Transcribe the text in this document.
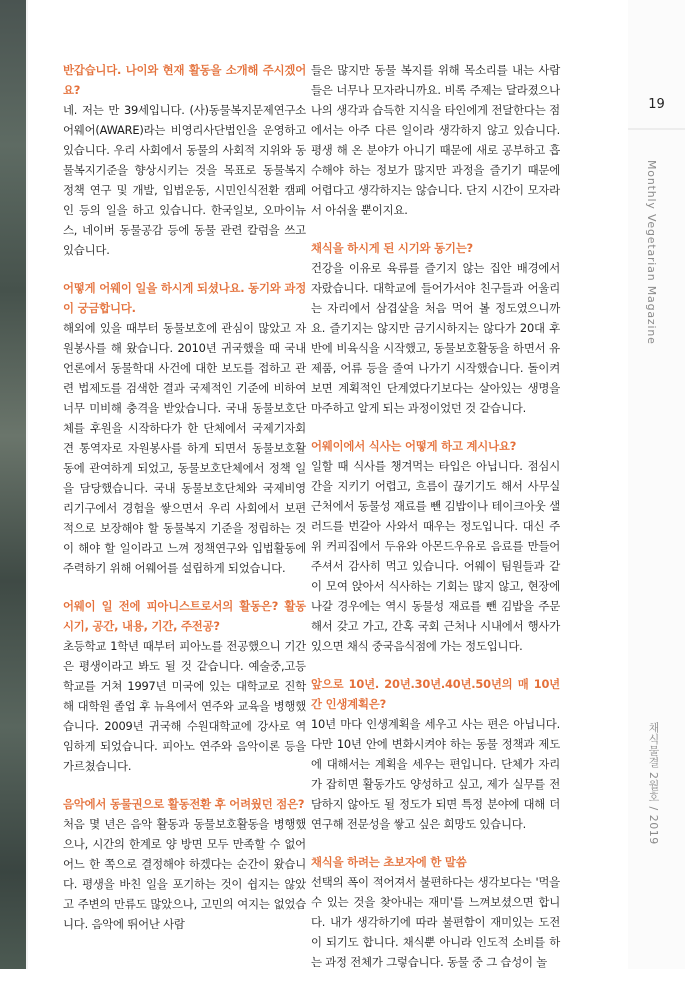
19
Monthly Vegetarian Magazine
채식물결 2월호 / 2019
반갑습니다. 나이와 현재 활동을 소개해 주시겠어요?

네. 저는 만 39세입니다. (사)동물복지문제연구소 어웨어(AWARE)라는 비영리사단법인을 운영하고 있습니다. 우리 사회에서 동물의 사회적 지위와 동물복지기준을 향상시키는 것을 목표로 동물복지 정책 연구 및 개발, 입법운동, 시민인식전환 캠페인 등의 일을 하고 있습니다. 한국일보, 오마이뉴스, 네이버 동물공감 등에 동물 관련 칼럼을 쓰고 있습니다.

어떻게 어웨이 일을 하시게 되셨나요. 동기와 과정이 궁금합니다.

해외에 있을 때부터 동물보호에 관심이 많았고 자원봉사를 해 왔습니다. 2010년 귀국했을 때 국내 언론에서 동물학대 사건에 대한 보도를 접하고 관련 법제도를 검색한 결과 국제적인 기준에 비하여 너무 미비해 충격을 받았습니다. 국내 동물보호단체를 후원을 시작하다가 한 단체에서 국제기자회견 통역자로 자원봉사를 하게 되면서 동물보호활동에 관여하게 되었고, 동물보호단체에서 정책 일을 담당했습니다. 국내 동물보호단체와 국제비영리기구에서 경험을 쌓으면서 우리 사회에서 보편적으로 보장해야 할 동물복지 기준을 정립하는 것이 해야 할 일이라고 느껴 정책연구와 입법활동에 주력하기 위해 어웨어를 설립하게 되었습니다.

어웨이 일 전에 피아니스트로서의 활동은? 활동 시기, 공간, 내용, 기간, 주전공?

초등학교 1학년 때부터 피아노를 전공했으니 기간은 평생이라고 봐도 될 것 같습니다. 예술중,고등학교를 거쳐 1997년 미국에 있는 대학교로 진학해 대학원 졸업 후 뉴욕에서 연주와 교육을 병행했습니다. 2009년 귀국해 수원대학교에 강사로 역임하게 되었습니다. 피아노 연주와 음악이론 등을 가르쳤습니다.

음악에서 동물권으로 활동전환 후 어려웠던 점은?

처음 몇 년은 음악 활동과 동물보호활동을 병행했으나, 시간의 한계로 양 방면 모두 만족할 수 없어 어느 한 쪽으로 결정해야 하겠다는 순간이 왔습니다. 평생을 바친 일을 포기하는 것이 쉽지는 않았고 주변의 만류도 많았으나, 고민의 여지는 없었습니다. 음악에 뛰어난 사람

들은 많지만 동물 복지를 위해 목소리를 내는 사람들은 너무나 모자라니까요. 비록 주제는 달라졌으나 나의 생각과 습득한 지식을 타인에게 전달한다는 점에서는 아주 다른 일이라 생각하지 않고 있습니다. 평생 해 온 분야가 아니기 때문에 새로 공부하고 흡수해야 하는 정보가 많지만 과정을 즐기기 때문에 어렵다고 생각하지는 않습니다. 단지 시간이 모자라서 아쉬울 뿐이지요.

채식을 하시게 된 시기와 동기는?

건강을 이유로 육류를 즐기지 않는 집안 배경에서 자랐습니다. 대학교에 들어가서야 친구들과 어울리는 자리에서 삼겹살을 처음 먹어 볼 정도였으니까요. 즐기지는 않지만 금기시하지는 않다가 20대 후반에 비육식을 시작했고, 동물보호활동을 하면서 유제품, 어류 등을 줄여 나가기 시작했습니다. 돌이켜보면 계획적인 단계였다기보다는 살아있는 생명을 마주하고 알게 되는 과정이었던 것 같습니다.

어웨이에서 식사는 어떻게 하고 계시나요?

일할 때 식사를 챙겨먹는 타입은 아닙니다. 점심시간을 지키기 어렵고, 흐름이 끊기기도 해서 사무실 근처에서 동물성 재료를 뺀 김밥이나 테이크아웃 샐러드를 번갈아 사와서 때우는 정도입니다. 대신 주위 커피집에서 두유와 아몬드우유로 음료를 만들어 주셔서 감사히 먹고 있습니다. 어웨이 팀원들과 같이 모여 앉아서 식사하는 기회는 많지 않고, 현장에 나갈 경우에는 역시 동물성 재료를 뺀 김밥을 주문해서 갖고 가고, 간혹 국회 근처나 시내에서 행사가 있으면 채식 중국음식점에 가는 정도입니다.

앞으로 10년. 20년.30년.40년.50년의 매 10년 간 인생계획은?

10년 마다 인생계획을 세우고 사는 편은 아닙니다. 다만 10년 안에 변화시켜야 하는 동물 정책과 제도에 대해서는 계획을 세우는 편입니다. 단체가 자리가 잡히면 활동가도 양성하고 싶고, 제가 실무를 전담하지 않아도 될 정도가 되면 특정 분야에 대해 더 연구해 전문성을 쌓고 싶은 희망도 있습니다.

채식을 하려는 초보자에 한 말씀

선택의 폭이 적어져서 불편하다는 생각보다는 '먹을 수 있는 것을 찾아내는 재미'를 느껴보셨으면 합니다. 내가 생각하기에 따라 불편함이 재미있는 도전이 되기도 합니다. 채식뿐 아니라 인도적 소비를 하는 과정 전체가 그렇습니다. 동물 중 그 습성이 놀
